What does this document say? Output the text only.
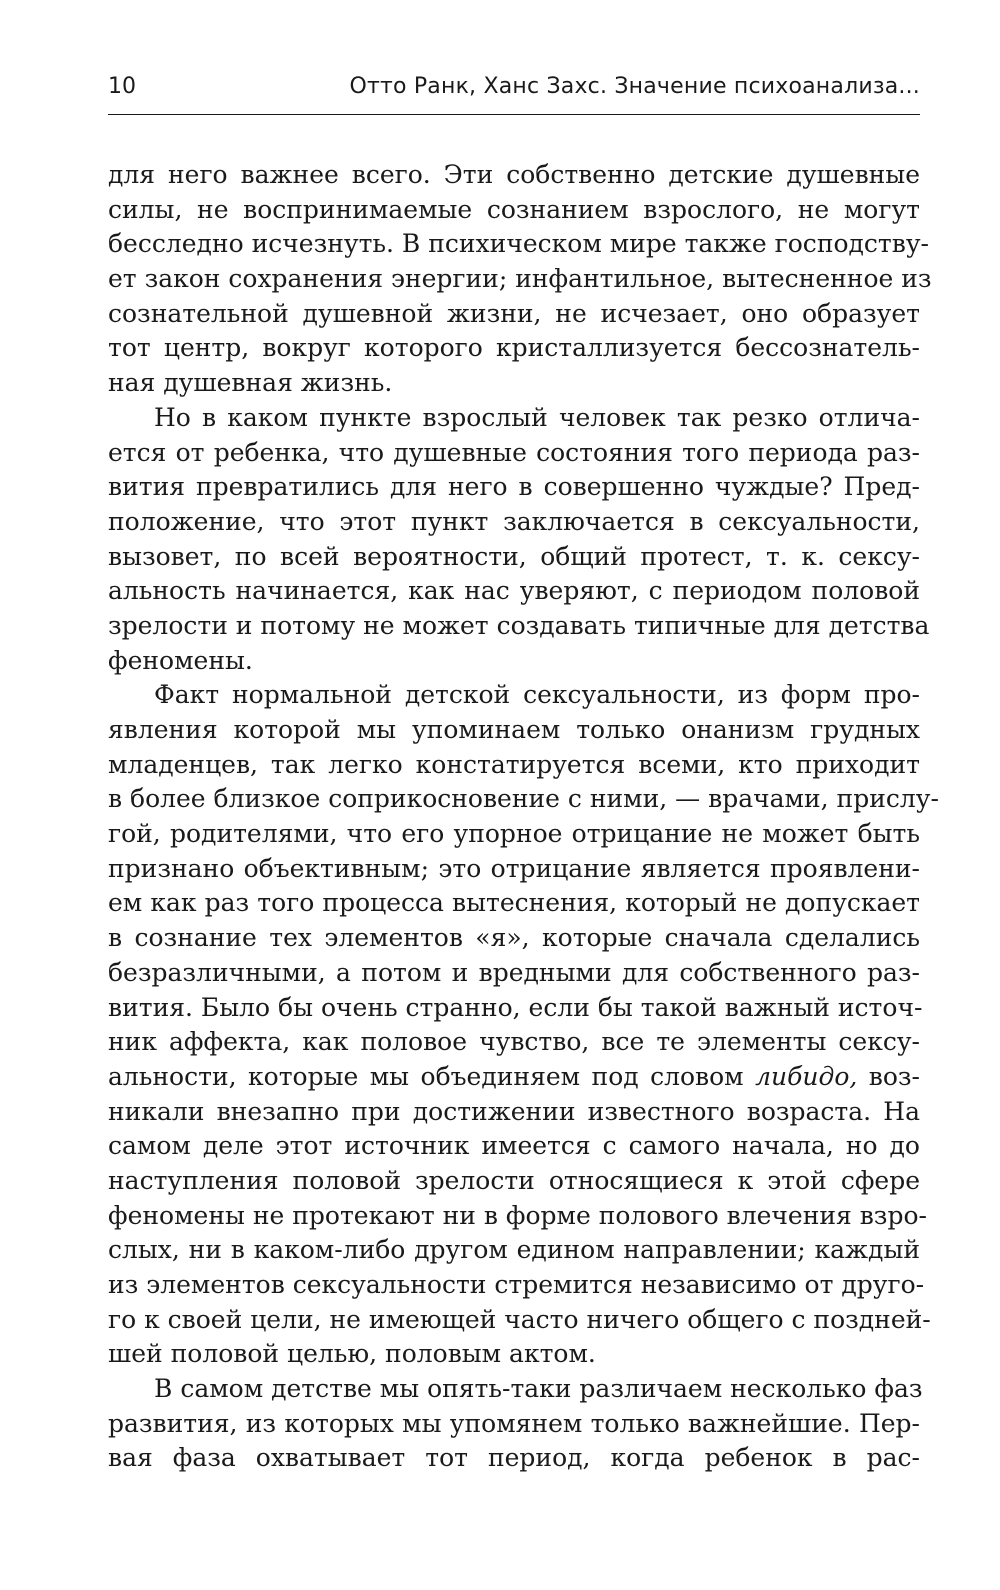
10	Отто Ранк, Ханс Захс. Значение психоанализа...
для него важнее всего. Эти собственно детские душевные
силы, не воспринимаемые сознанием взрослого, не могут
бесследно исчезнуть. В психическом мире также господству-
ет закон сохранения энергии; инфантильное, вытесненное из
сознательной душевной жизни, не исчезает, оно образует
тот центр, вокруг которого кристаллизуется бессознатель-
ная душевная жизнь.
Но в каком пункте взрослый человек так резко отлича-
ется от ребенка, что душевные состояния того периода раз-
вития превратились для него в совершенно чуждые? Пред-
положение, что этот пункт заключается в сексуальности,
вызовет, по всей вероятности, общий протест, т. к. сексу-
альность начинается, как нас уверяют, с периодом половой
зрелости и потому не может создавать типичные для детства
феномены.
Факт нормальной детской сексуальности, из форм про-
явления которой мы упоминаем только онанизм грудных
младенцев, так легко констатируется всеми, кто приходит
в более близкое соприкосновение с ними, — врачами, прислу-
гой, родителями, что его упорное отрицание не может быть
признано объективным; это отрицание является проявлени-
ем как раз того процесса вытеснения, который не допускает
в сознание тех элементов «я», которые сначала сделались
безразличными, а потом и вредными для собственного раз-
вития. Было бы очень странно, если бы такой важный источ-
ник аффекта, как половое чувство, все те элементы сексу-
альности, которые мы объединяем под словом либидо, воз-
никали внезапно при достижении известного возраста. На
самом деле этот источник имеется с самого начала, но до
наступления половой зрелости относящиеся к этой сфере
феномены не протекают ни в форме полового влечения взро-
слых, ни в каком-либо другом едином направлении; каждый
из элементов сексуальности стремится независимо от друго-
го к своей цели, не имеющей часто ничего общего с поздней-
шей половой целью, половым актом.
В самом детстве мы опять-таки различаем несколько фаз
развития, из которых мы упомянем только важнейшие. Пер-
вая фаза охватывает тот период, когда ребенок в рас-
